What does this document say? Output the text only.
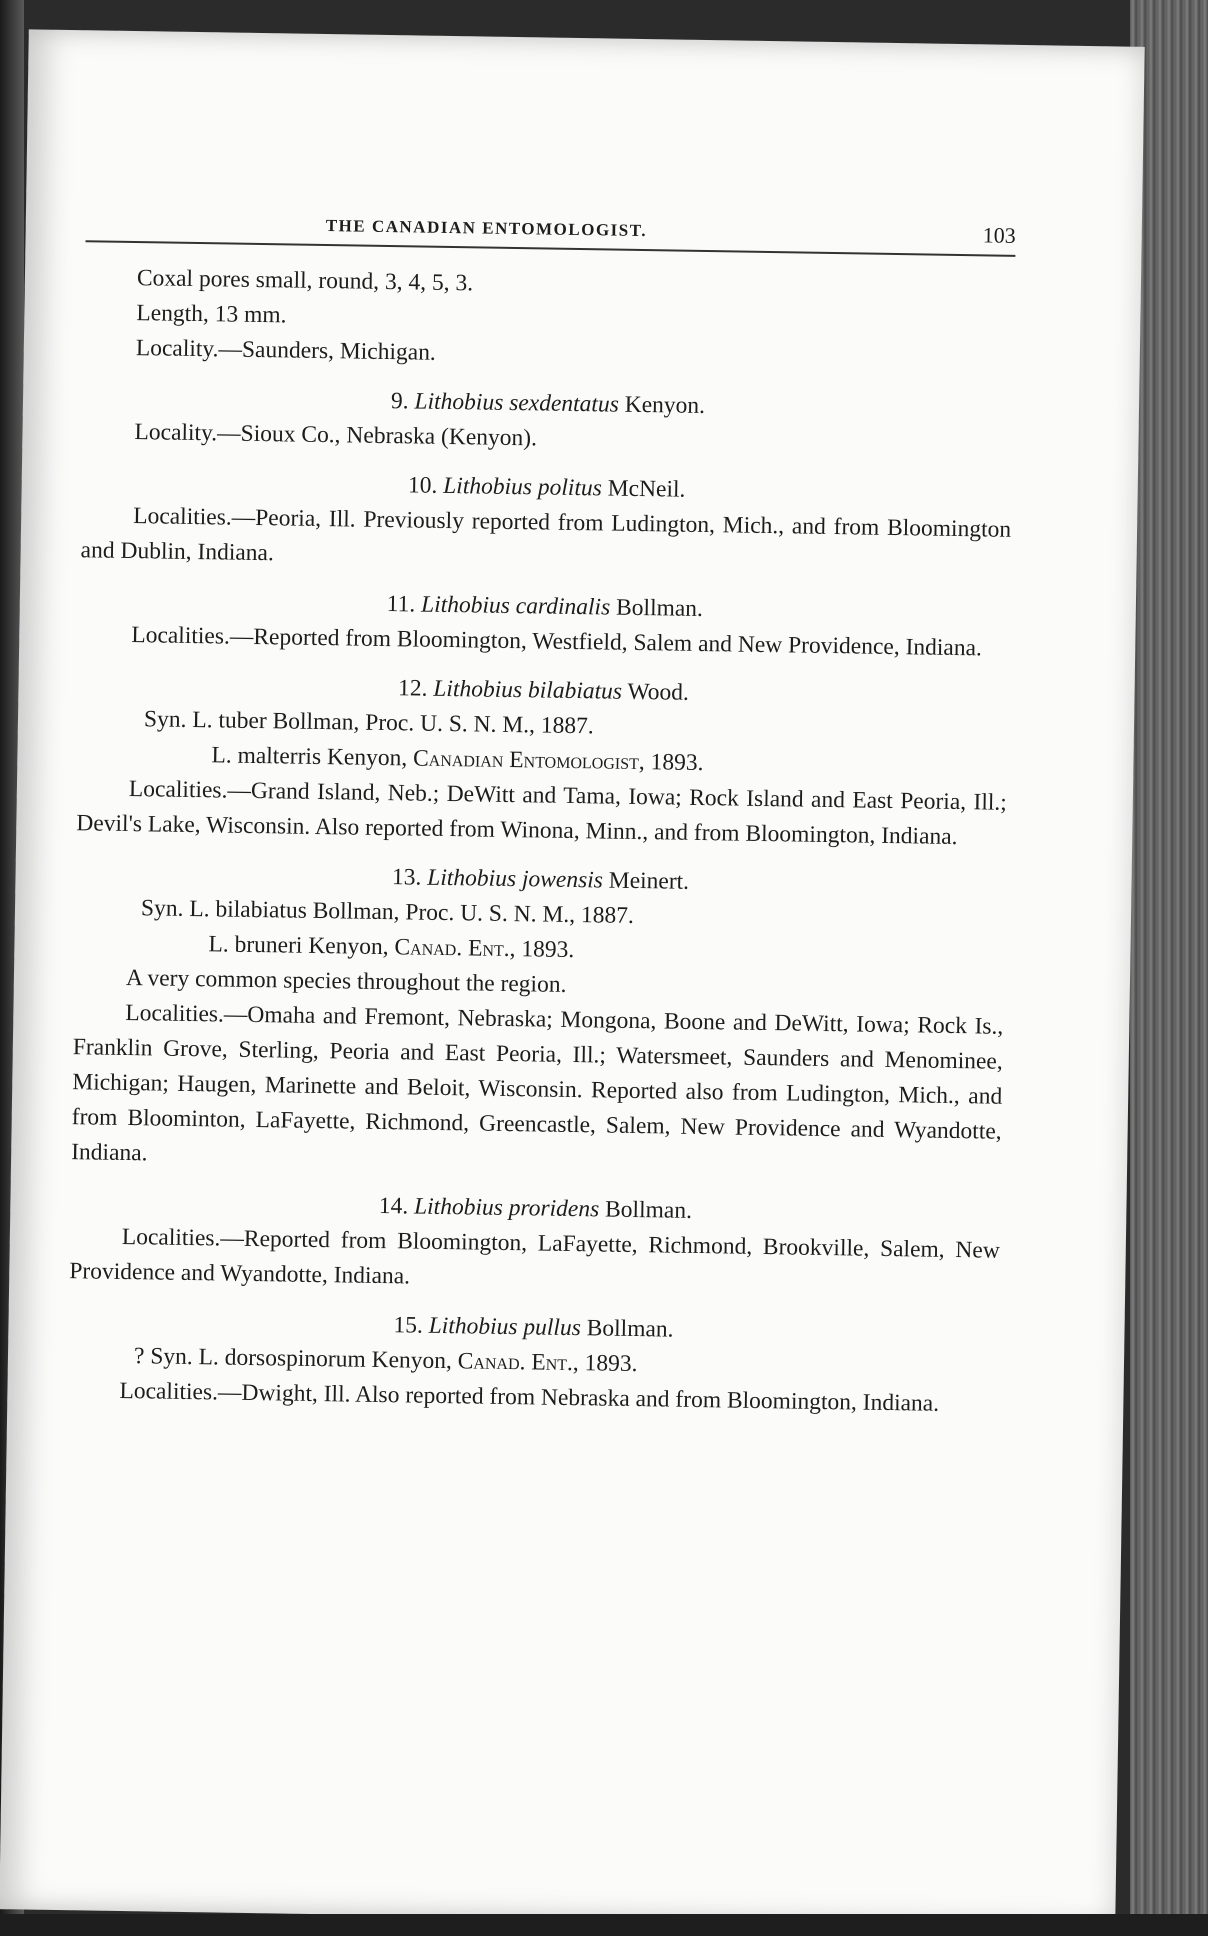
THE CANADIAN ENTOMOLOGIST.	103

Coxal pores small, round, 3, 4, 5, 3.

Length, 13 mm.

Locality.—Saunders, Michigan.

9. Lithobius sexdentatus Kenyon.

Locality.—Sioux Co., Nebraska (Kenyon).

10. Lithobius politus McNeil.

Localities.—Peoria, Ill. Previously reported from Ludington, Mich., and from Bloomington and Dublin, Indiana.

11. Lithobius cardinalis Bollman.

Localities.—Reported from Bloomington, Westfield, Salem and New Providence, Indiana.

12. Lithobius bilabiatus Wood.

Syn. L. tuber Bollman, Proc. U. S. N. M., 1887.

L. malterris Kenyon, Canadian Entomologist, 1893.

Localities.—Grand Island, Neb.; DeWitt and Tama, Iowa; Rock Island and East Peoria, Ill.; Devil's Lake, Wisconsin. Also reported from Winona, Minn., and from Bloomington, Indiana.

13. Lithobius jowensis Meinert.

Syn. L. bilabiatus Bollman, Proc. U. S. N. M., 1887.

L. bruneri Kenyon, Canad. Ent., 1893.

A very common species throughout the region.

Localities.—Omaha and Fremont, Nebraska; Mongona, Boone and DeWitt, Iowa; Rock Is., Franklin Grove, Sterling, Peoria and East Peoria, Ill.; Watersmeet, Saunders and Menominee, Michigan; Haugen, Marinette and Beloit, Wisconsin. Reported also from Ludington, Mich., and from Bloominton, LaFayette, Richmond, Greencastle, Salem, New Providence and Wyandotte, Indiana.

14. Lithobius proridens Bollman.

Localities.—Reported from Bloomington, LaFayette, Richmond, Brookville, Salem, New Providence and Wyandotte, Indiana.

15. Lithobius pullus Bollman.

? Syn. L. dorsospinorum Kenyon, Canad. Ent., 1893.

Localities.—Dwight, Ill. Also reported from Nebraska and from Bloomington, Indiana.
